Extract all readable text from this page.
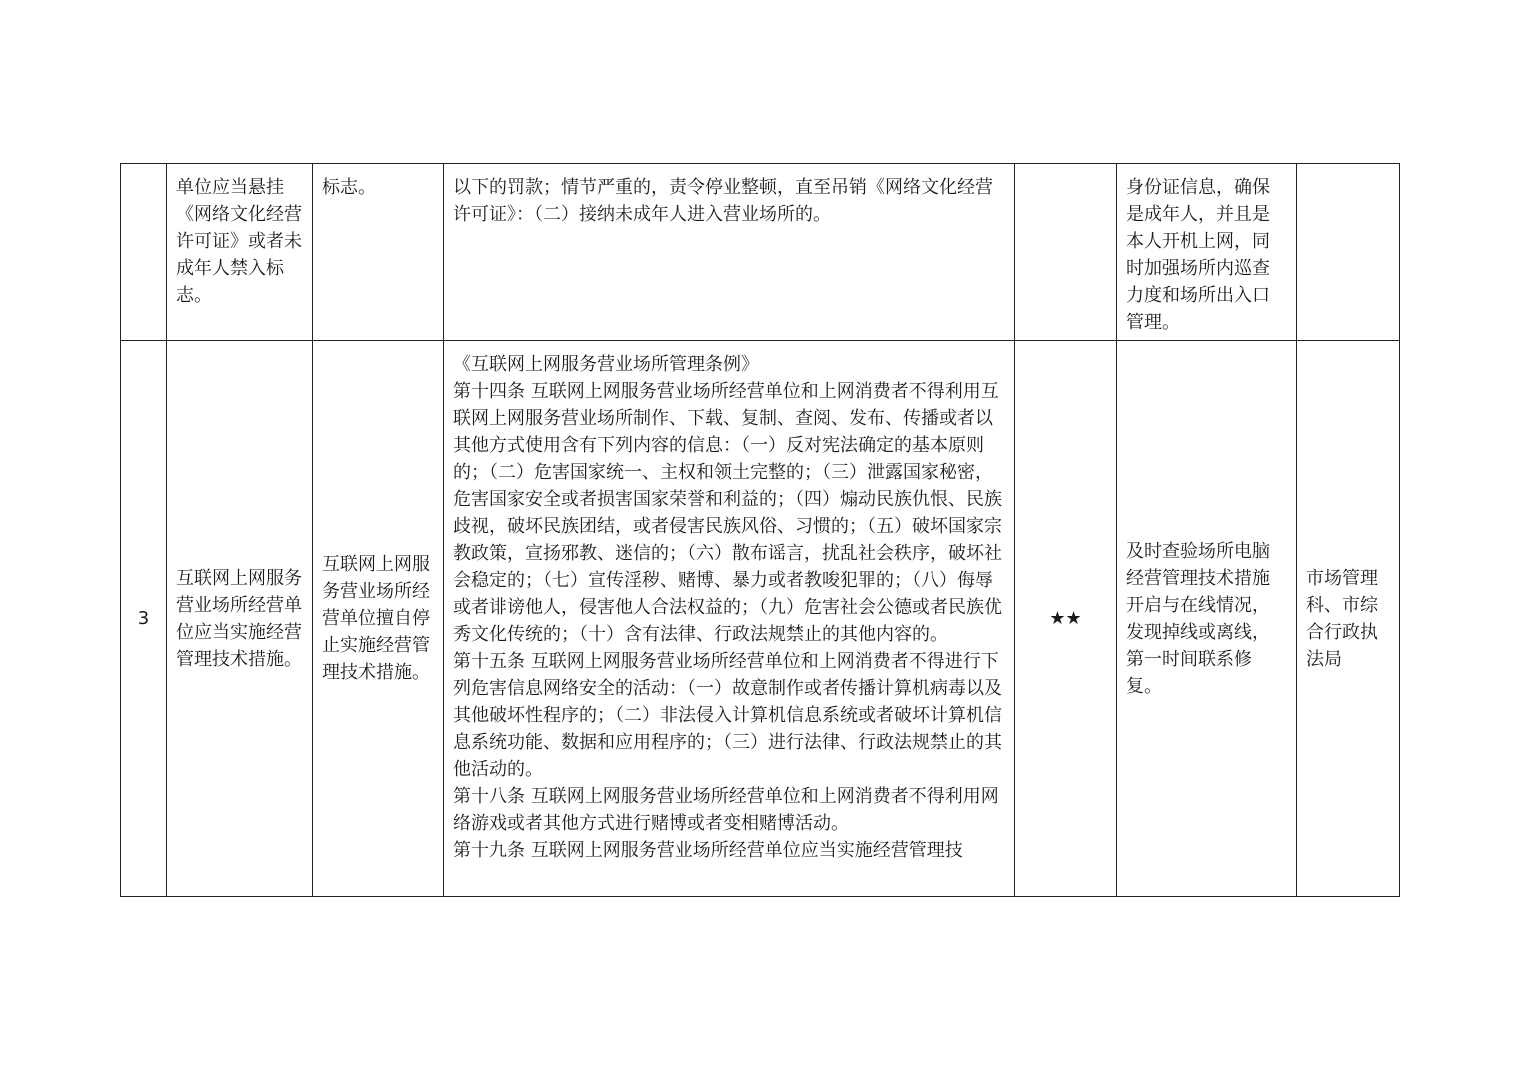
	单位应当悬挂《网络文化经营许可证》或者未成年人禁入标志。	标志。	以下的罚款；情节严重的，责令停业整顿，直至吊销《网络文化经营许可证》：（二）接纳未成年人进入营业场所的。		身份证信息，确保是成年人，并且是本人开机上网，同时加强场所内巡查力度和场所出入口管理。	
3	互联网上网服务营业场所经营单位应当实施经营管理技术措施。	互联网上网服务营业场所经营单位擅自停止实施经营管理技术措施。	《互联网上网服务营业场所管理条例》
第十四条 互联网上网服务营业场所经营单位和上网消费者不得利用互联网上网服务营业场所制作、下载、复制、查阅、发布、传播或者以其他方式使用含有下列内容的信息：（一）反对宪法确定的基本原则的；（二）危害国家统一、主权和领土完整的；（三）泄露国家秘密，危害国家安全或者损害国家荣誉和利益的；（四）煽动民族仇恨、民族歧视，破坏民族团结，或者侵害民族风俗、习惯的；（五）破坏国家宗教政策，宣扬邪教、迷信的；（六）散布谣言，扰乱社会秩序，破坏社会稳定的；（七）宣传淫秽、赌博、暴力或者教唆犯罪的；（八）侮辱或者诽谤他人，侵害他人合法权益的；（九）危害社会公德或者民族优秀文化传统的；（十）含有法律、行政法规禁止的其他内容的。
第十五条 互联网上网服务营业场所经营单位和上网消费者不得进行下列危害信息网络安全的活动：（一）故意制作或者传播计算机病毒以及其他破坏性程序的；（二）非法侵入计算机信息系统或者破坏计算机信息系统功能、数据和应用程序的；（三）进行法律、行政法规禁止的其他活动的。
第十八条 互联网上网服务营业场所经营单位和上网消费者不得利用网络游戏或者其他方式进行赌博或者变相赌博活动。
第十九条 互联网上网服务营业场所经营单位应当实施经营管理技	★★	及时查验场所电脑经营管理技术措施开启与在线情况，发现掉线或离线，第一时间联系修复。	市场管理科、市综合行政执法局
